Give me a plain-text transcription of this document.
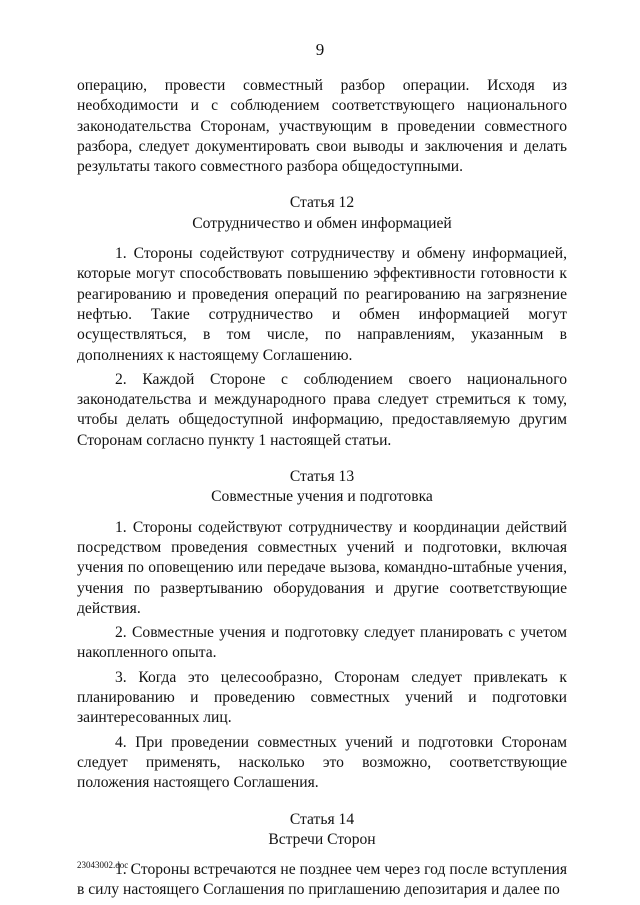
9

операцию, провести совместный разбор операции. Исходя из необходимости и с соблюдением соответствующего национального законодательства Сторонам, участвующим в проведении совместного разбора, следует документировать свои выводы и заключения и делать результаты такого совместного разбора общедоступными.

Статья 12
Сотрудничество и обмен информацией

1. Стороны содействуют сотрудничеству и обмену информацией, которые могут способствовать повышению эффективности готовности к реагированию и проведения операций по реагированию на загрязнение нефтью. Такие сотрудничество и обмен информацией могут осуществляться, в том числе, по направлениям, указанным в дополнениях к настоящему Соглашению.

2. Каждой Стороне с соблюдением своего национального законодательства и международного права следует стремиться к тому, чтобы делать общедоступной информацию, предоставляемую другим Сторонам согласно пункту 1 настоящей статьи.

Статья 13
Совместные учения и подготовка

1. Стороны содействуют сотрудничеству и координации действий посредством проведения совместных учений и подготовки, включая учения по оповещению или передаче вызова, командно-штабные учения, учения по развертыванию оборудования и другие соответствующие действия.

2. Совместные учения и подготовку следует планировать с учетом накопленного опыта.

3. Когда это целесообразно, Сторонам следует привлекать к планированию и проведению совместных учений и подготовки заинтересованных лиц.

4. При проведении совместных учений и подготовки Сторонам следует применять, насколько это возможно, соответствующие положения настоящего Соглашения.

Статья 14
Встречи Сторон

1. Стороны встречаются не позднее чем через год после вступления в силу настоящего Соглашения по приглашению депозитария и далее по

23043002.doc
